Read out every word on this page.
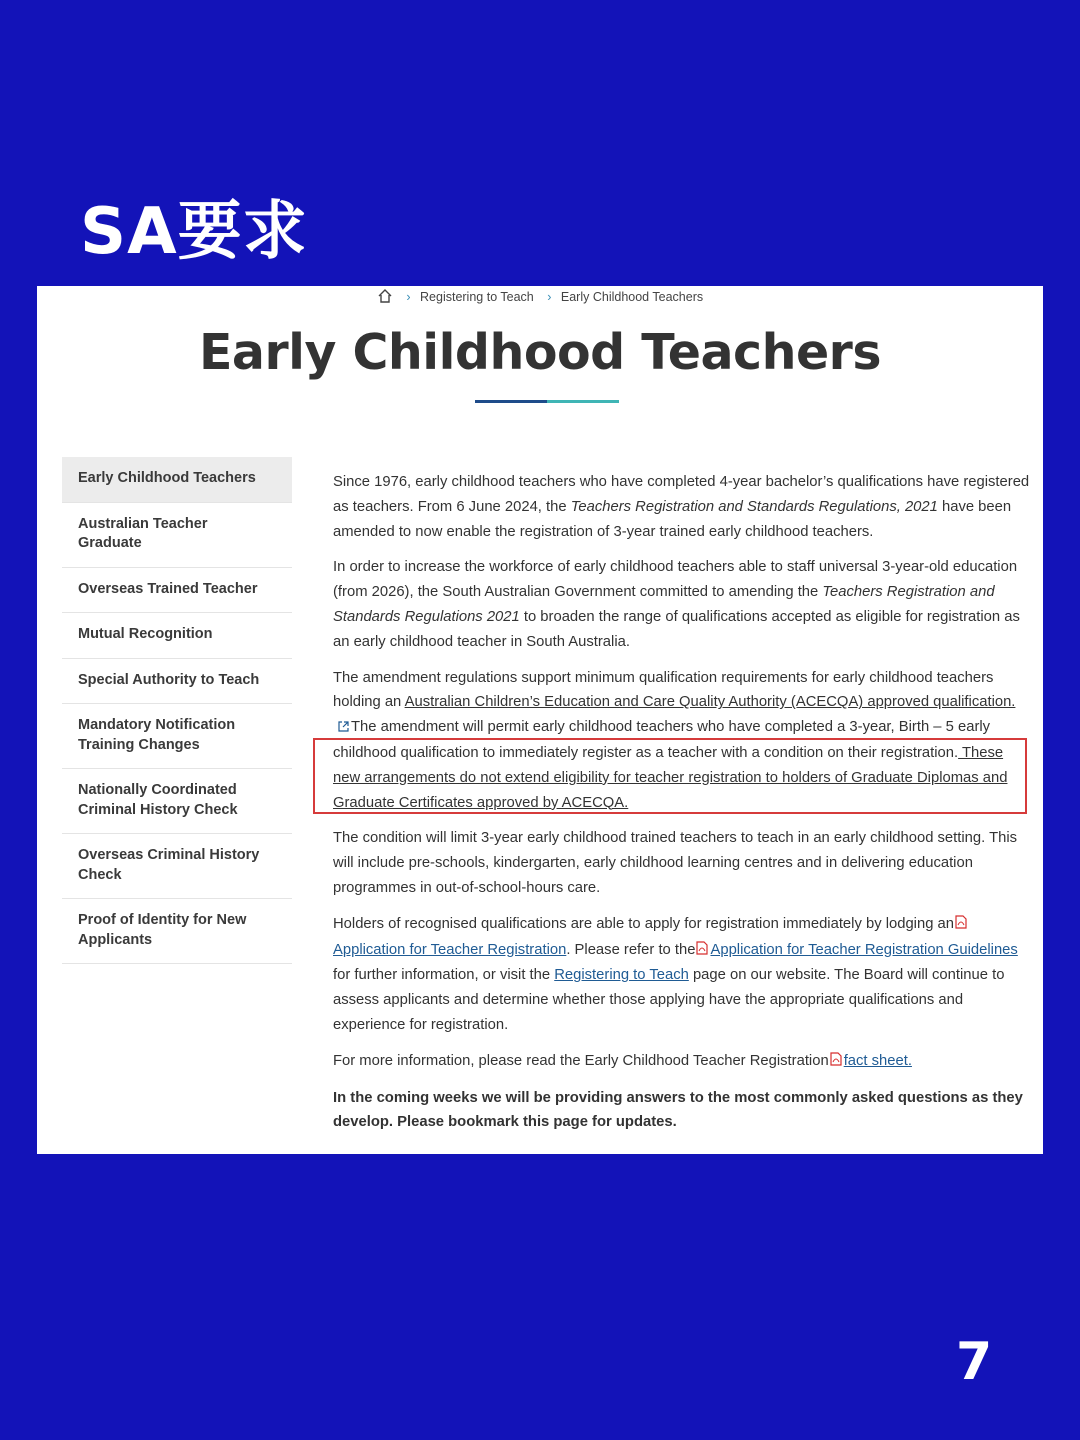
SA要求
› Registering to Teach › Early Childhood Teachers
Early Childhood Teachers
Early Childhood Teachers
Australian Teacher Graduate
Overseas Trained Teacher
Mutual Recognition
Special Authority to Teach
Mandatory Notification Training Changes
Nationally Coordinated Criminal History Check
Overseas Criminal History Check
Proof of Identity for New Applicants

Since 1976, early childhood teachers who have completed 4-year bachelor’s qualifications have registered as teachers. From 6 June 2024, the Teachers Registration and Standards Regulations, 2021 have been amended to now enable the registration of 3-year trained early childhood teachers.

In order to increase the workforce of early childhood teachers able to staff universal 3-year-old education (from 2026), the South Australian Government committed to amending the Teachers Registration and Standards Regulations 2021 to broaden the range of qualifications accepted as eligible for registration as an early childhood teacher in South Australia.

The amendment regulations support minimum qualification requirements for early childhood teachers holding an Australian Children’s Education and Care Quality Authority (ACECQA) approved qualification.
The amendment will permit early childhood teachers who have completed a 3-year, Birth – 5 early childhood qualification to immediately register as a teacher with a condition on their registration. These new arrangements do not extend eligibility for teacher registration to holders of Graduate Diplomas and Graduate Certificates approved by ACECQA.

The condition will limit 3-year early childhood trained teachers to teach in an early childhood setting. This will include pre-schools, kindergarten, early childhood learning centres and in delivering education programmes in out-of-school-hours care.

Holders of recognised qualifications are able to apply for registration immediately by lodging anApplication for Teacher Registration. Please refer to the Application for Teacher Registration Guidelines for further information, or visit the Registering to Teach page on our website. The Board will continue to assess applicants and determine whether those applying have the appropriate qualifications and experience for registration.

For more information, please read the Early Childhood Teacher Registration fact sheet.

In the coming weeks we will be providing answers to the most commonly asked questions as they develop. Please bookmark this page for updates.

7
